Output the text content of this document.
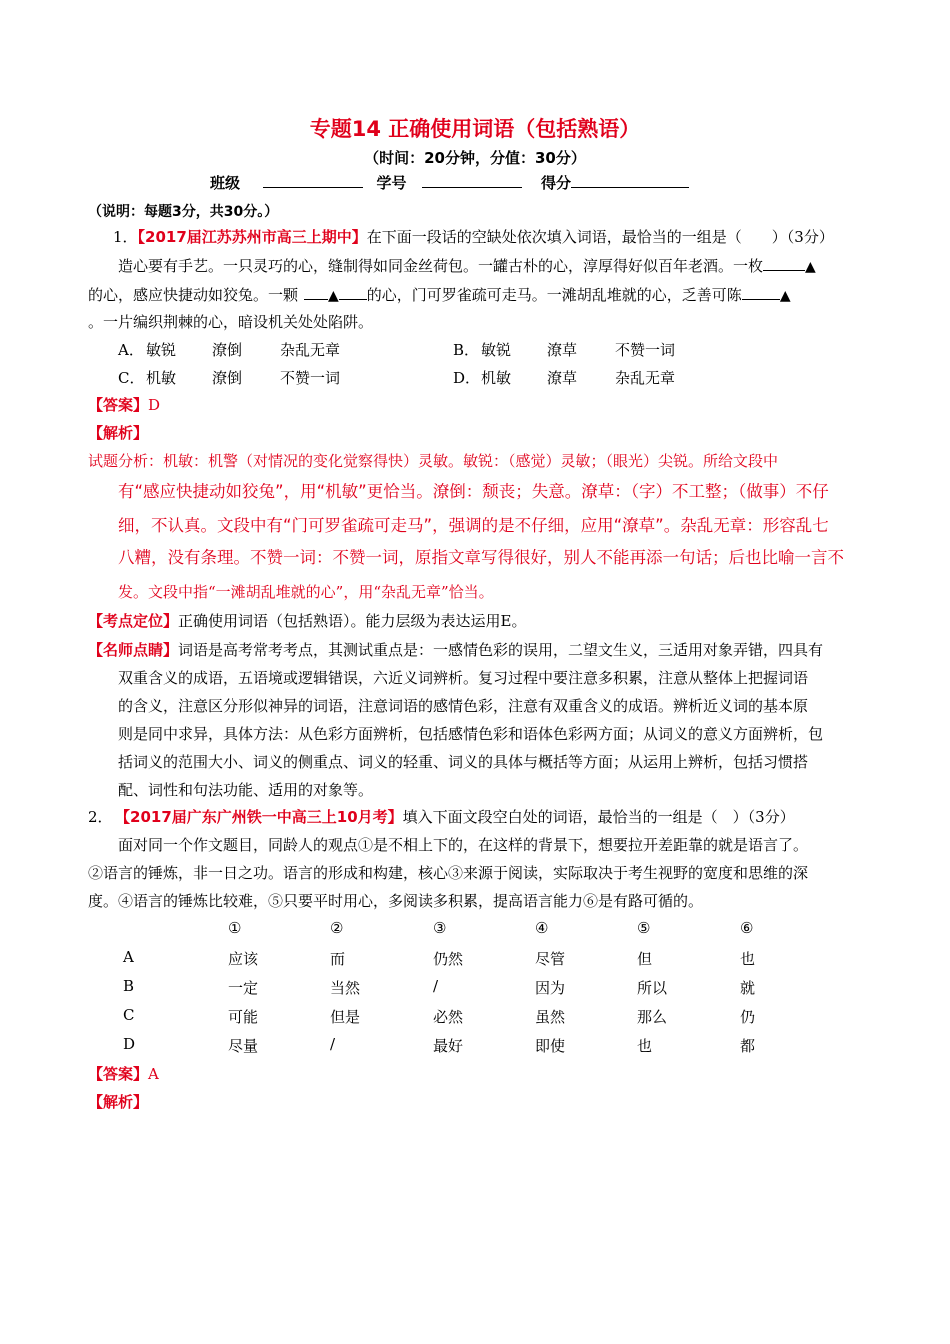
专题14 正确使用词语（包括熟语）
（时间：20分钟，分值：30分）
班级	学号	得分
（说明：每题3分，共30分。）
1．【2017届江苏苏州市高三上期中】在下面一段话的空缺处依次填入词语，最恰当的一组是（　　）（3分）
造心要有手艺。一只灵巧的心，缝制得如同金丝荷包。一罐古朴的心，淳厚得好似百年老酒。一枚	▲
的心，感应快捷动如狡兔。一颗 ▲ 的心，门可罗雀疏可走马。一滩胡乱堆就的心，乏善可陈	▲
。一片编织荆棘的心，暗设机关处处陷阱。
A． 敏锐 潦倒	杂乱无章	B． 敏锐 潦草	不赞一词
C． 机敏 潦倒	不赞一词	D． 机敏 潦草	杂乱无章
【答案】D
【解析】
试题分析：机敏：机警（对情况的变化觉察得快）灵敏。敏锐：（感觉）灵敏；（眼光）尖锐。所给文段中
有“感应快捷动如狡兔”，用“机敏”更恰当。潦倒：颓丧；失意。潦草：（字）不工整；（做事）不仔
细，不认真。文段中有“门可罗雀疏可走马”，强调的是不仔细，应用“潦草”。杂乱无章：形容乱七
八糟，没有条理。不赞一词：不赞一词，原指文章写得很好，别人不能再添一句话；后也比喻一言不
发。文段中指“一滩胡乱堆就的心”，用“杂乱无章”恰当。
【考点定位】正确使用词语（包括熟语）。能力层级为表达运用E。
【名师点睛】词语是高考常考考点，其测试重点是：一感情色彩的误用，二望文生义，三适用对象弄错，四具有
双重含义的成语，五语境或逻辑错误，六近义词辨析。复习过程中要注意多积累，注意从整体上把握词语
的含义，注意区分形似神异的词语，注意词语的感情色彩，注意有双重含义的成语。辨析近义词的基本原
则是同中求异，具体方法：从色彩方面辨析，包括感情色彩和语体色彩两方面；从词义的意义方面辨析，包
括词义的范围大小、词义的侧重点、词义的轻重、词义的具体与概括等方面；从运用上辨析，包括习惯搭
配、词性和句法功能、适用的对象等。
2． 【2017届广东广州铁一中高三上10月考】填入下面文段空白处的词语，最恰当的一组是（　）（3分）
面对同一个作文题目，同龄人的观点①是不相上下的，在这样的背景下，想要拉开差距靠的就是语言了。
②语言的锤炼，非一日之功。语言的形成和构建，核心③来源于阅读，实际取决于考生视野的宽度和思维的深
度。④语言的锤炼比较难，⑤只要平时用心，多阅读多积累，提高语言能力⑥是有路可循的。
①	②	③	④	⑤	⑥
A	应该	而	仍然	尽管	但	也
B	一定	当然	/	因为	所以	就
C	可能	但是	必然	虽然	那么	仍
D	尽量	/	最好	即使	也	都
【答案】A
【解析】
